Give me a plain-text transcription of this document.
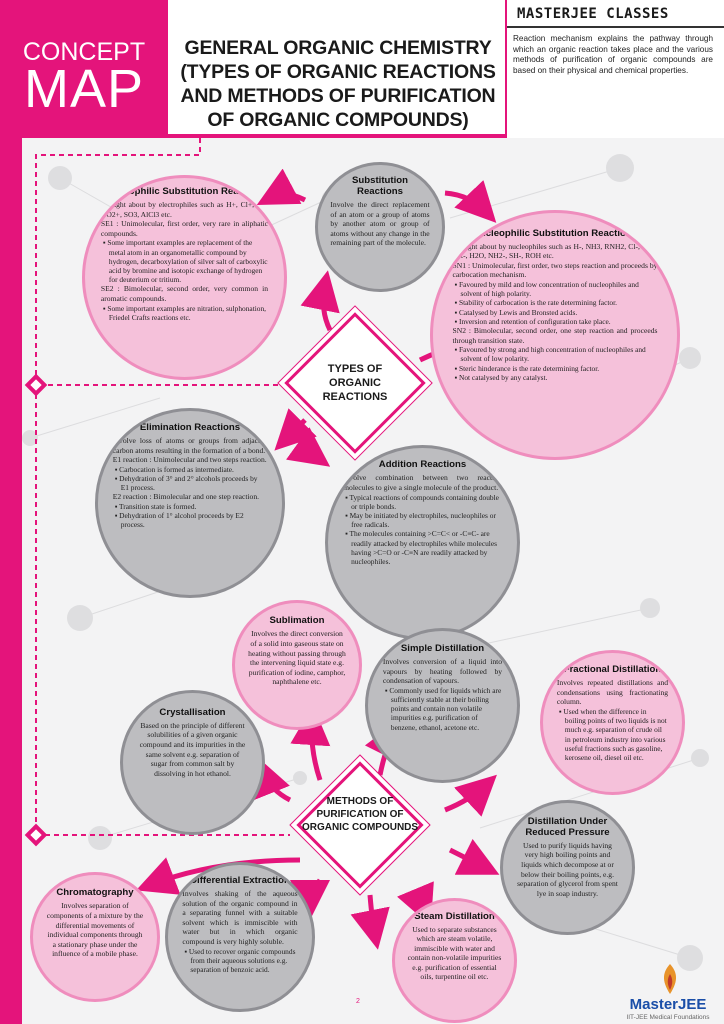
CONCEPT
MAP
GENERAL ORGANIC CHEMISTRY (TYPES OF ORGANIC REACTIONS AND METHODS OF PURIFICATION OF ORGANIC COMPOUNDS)
MASTERJEE CLASSES
Reaction mechanism explains the pathway through which an organic reaction takes place and the various methods of purification of organic compounds are based on their physical and chemical properties.
Substitution Reactions
Involve the direct replacement of an atom or a group of atoms by another atom or group of atoms without any change in the remaining part of the molecule.
Electrophilic Substitution Reactions
Brought about by electrophiles such as H+, Cl+, R+, NO2+, SO3, AlCl3 etc.
SE1 : Unimolecular, first order, very rare in aliphatic compounds.
▪ Some important examples are replacement of the metal atom in an organometallic compound by hydrogen, decarboxylation of silver salt of carboxylic acid by bromine and isotopic exchange of hydrogen for deuterium or tritium.
SE2 : Bimolecular, second order, very common in aromatic compounds.
▪ Some important examples are nitration, sulphonation, Friedel Crafts reactions etc.
Nucleophilic Substitution Reactions
Brought about by nucleophiles such as H-, NH3, RNH2, Cl-, OH-, OR-, H2O, NH2-, SH-, ROH etc.
SN1 : Unimolecular, first order, two steps reaction and proceeds by carbocation mechanism.
▪ Favoured by mild and low concentration of nucleophiles and solvent of high polarity.
▪ Stability of carbocation is the rate determining factor.
▪ Catalysed by Lewis and Bronsted acids.
▪ Inversion and retention of configuration take place.
SN2 : Bimolecular, second order, one step reaction and proceeds through transition state.
▪ Favoured by strong and high concentration of nucleophiles and solvent of low polarity.
▪ Steric hinderance is the rate determining factor.
▪ Not catalysed by any catalyst.
TYPES OF ORGANIC REACTIONS
Elimination Reactions
Involve loss of atoms or groups from adjacent carbon atoms resulting in the formation of a bond.
E1 reaction : Unimolecular and two steps reaction.
▪ Carbocation is formed as intermediate.
▪ Dehydration of 3° and 2° alcohols proceeds by E1 process.
E2 reaction : Bimolecular and one step reaction.
▪ Transition state is formed.
▪ Dehydration of 1° alcohol proceeds by E2 process.
Addition Reactions
Involve combination between two reacting molecules to give a single molecule of the product.
▪ Typical reactions of compounds containing double or triple bonds.
▪ May be initiated by electrophiles, nucleophiles or free radicals.
▪ The molecules containing >C=C< or -C≡C- are readily attacked by electrophiles while molecules having >C=O or -C≡N are readily attacked by nucleophiles.
Sublimation
Involves the direct conversion of a solid into gaseous state on heating without passing through the intervening liquid state e.g. purification of iodine, camphor, naphthalene etc.
Simple Distillation
Involves conversion of a liquid into vapours by heating followed by condensation of vapours.
▪ Commonly used for liquids which are sufficiently stable at their boiling points and contain non volatile impurities e.g. purification of benzene, ethanol, acetone etc.
Fractional Distillation
Involves repeated distillations and condensations using fractionating column.
▪ Used when the difference in boiling points of two liquids is not much e.g. separation of crude oil in petroleum industry into various useful fractions such as gasoline, kerosene oil, diesel oil etc.
Crystallisation
Based on the principle of different solubilities of a given organic compound and its impurities in the same solvent e.g. separation of sugar from common salt by dissolving in hot ethanol.
METHODS OF PURIFICATION OF ORGANIC COMPOUNDS
Distillation Under Reduced Pressure
Used to purify liquids having very high boiling points and liquids which decompose at or below their boiling points, e.g. separation of glycerol from spent lye in soap industry.
Chromatography
Involves separation of components of a mixture by the differential movements of individual components through a stationary phase under the influence of a mobile phase.
Differential Extraction
Involves shaking of the aqueous solution of the organic compound in a separating funnel with a suitable solvent which is immiscible with water but in which organic compound is very highly soluble.
▪ Used to recover organic compounds from their aqueous solutions e.g. separation of benzoic acid.
Steam Distillation
Used to separate substances which are steam volatile, immiscible with water and contain non-volatile impurities e.g. purification of essential oils, turpentine oil etc.
2	MasterJEE
IIT-JEE Medical Foundations
